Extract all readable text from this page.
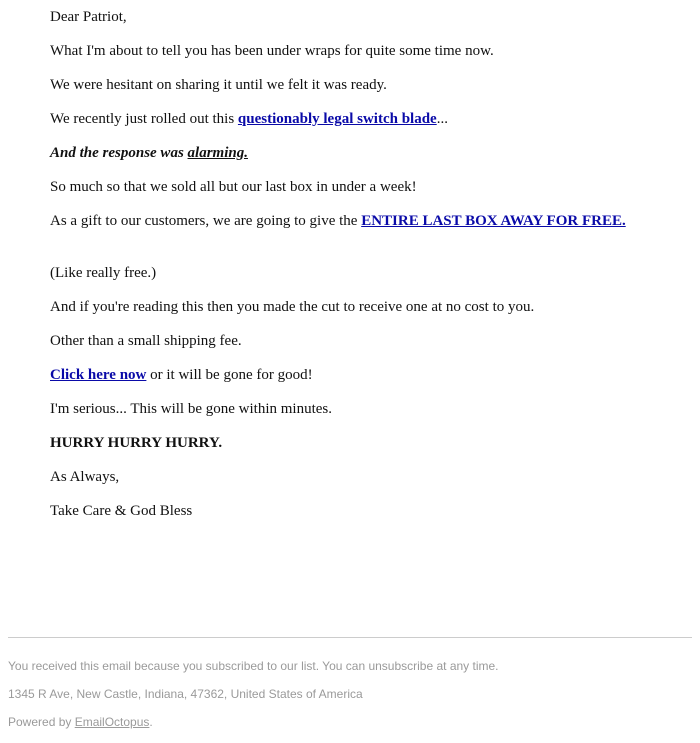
Dear Patriot,

What I'm about to tell you has been under wraps for quite some time now.

We were hesitant on sharing it until we felt it was ready.

We recently just rolled out this questionably legal switch blade...

And the response was alarming.

So much so that we sold all but our last box in under a week!

As a gift to our customers, we are going to give the ENTIRE LAST BOX AWAY FOR FREE.

(Like really free.)

And if you're reading this then you made the cut to receive one at no cost to you.

Other than a small shipping fee.

Click here now or it will be gone for good!

I'm serious... This will be gone within minutes.

HURRY HURRY HURRY.

As Always,

Take Care & God Bless

You received this email because you subscribed to our list. You can unsubscribe at any time.
1345 R Ave, New Castle, Indiana, 47362, United States of America
Powered by EmailOctopus.
